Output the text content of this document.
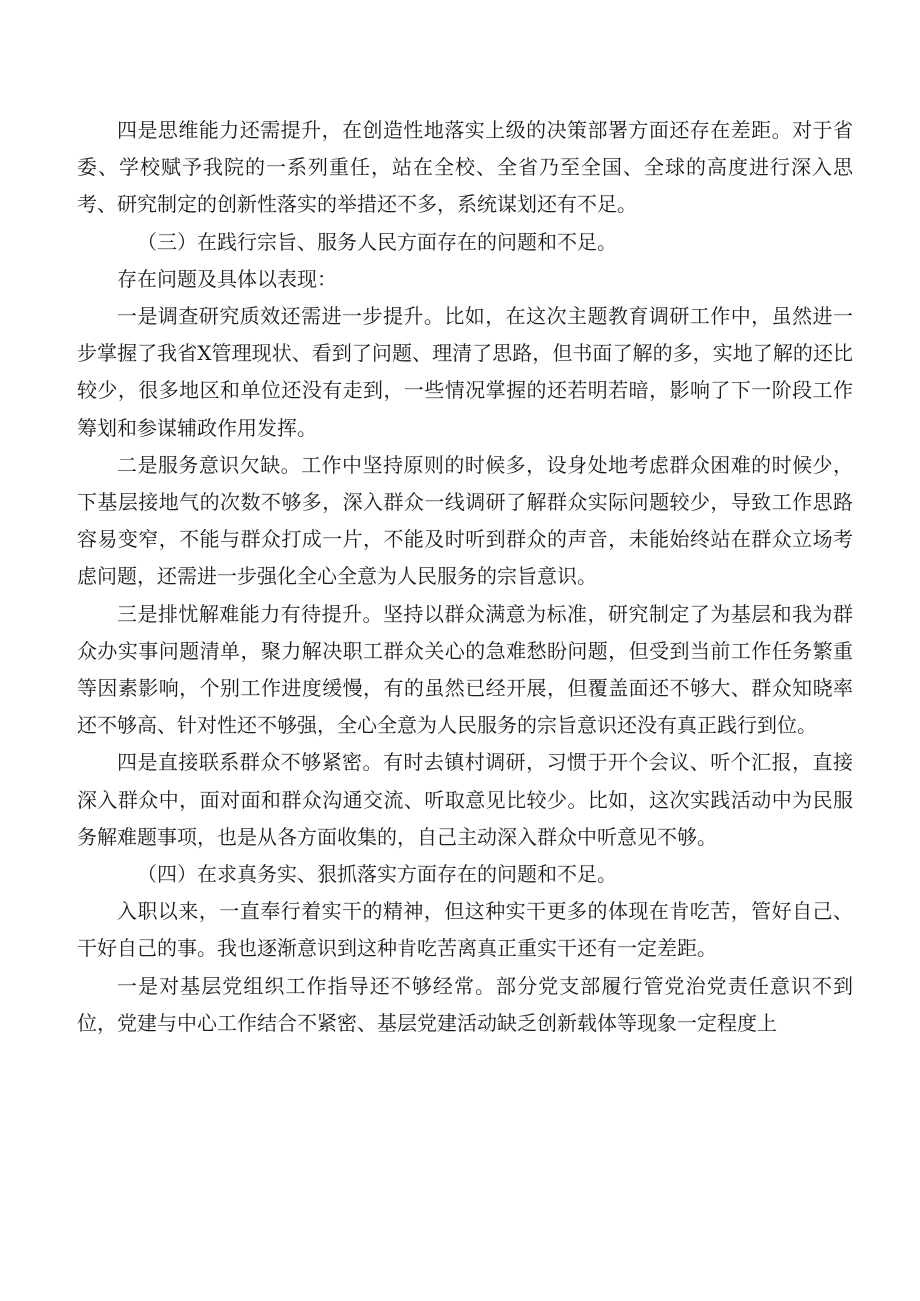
四是思维能力还需提升，在创造性地落实上级的决策部署方面还存在差距。对于省委、学校赋予我院的一系列重任，站在全校、全省乃至全国、全球的高度进行深入思考、研究制定的创新性落实的举措还不多，系统谋划还有不足。

（三）在践行宗旨、服务人民方面存在的问题和不足。

存在问题及具体以表现：

一是调查研究质效还需进一步提升。比如，在这次主题教育调研工作中，虽然进一步掌握了我省X管理现状、看到了问题、理清了思路，但书面了解的多，实地了解的还比较少，很多地区和单位还没有走到，一些情况掌握的还若明若暗，影响了下一阶段工作筹划和参谋辅政作用发挥。

二是服务意识欠缺。工作中坚持原则的时候多，设身处地考虑群众困难的时候少，下基层接地气的次数不够多，深入群众一线调研了解群众实际问题较少，导致工作思路容易变窄，不能与群众打成一片，不能及时听到群众的声音，未能始终站在群众立场考虑问题，还需进一步强化全心全意为人民服务的宗旨意识。

三是排忧解难能力有待提升。坚持以群众满意为标准，研究制定了为基层和我为群众办实事问题清单，聚力解决职工群众关心的急难愁盼问题，但受到当前工作任务繁重等因素影响，个别工作进度缓慢，有的虽然已经开展，但覆盖面还不够大、群众知晓率还不够高、针对性还不够强，全心全意为人民服务的宗旨意识还没有真正践行到位。

四是直接联系群众不够紧密。有时去镇村调研，习惯于开个会议、听个汇报，直接深入群众中，面对面和群众沟通交流、听取意见比较少。比如，这次实践活动中为民服务解难题事项，也是从各方面收集的，自己主动深入群众中听意见不够。

（四）在求真务实、狠抓落实方面存在的问题和不足。

入职以来，一直奉行着实干的精神，但这种实干更多的体现在肯吃苦，管好自己、干好自己的事。我也逐渐意识到这种肯吃苦离真正重实干还有一定差距。

一是对基层党组织工作指导还不够经常。部分党支部履行管党治党责任意识不到位，党建与中心工作结合不紧密、基层党建活动缺乏创新载体等现象一定程度上
